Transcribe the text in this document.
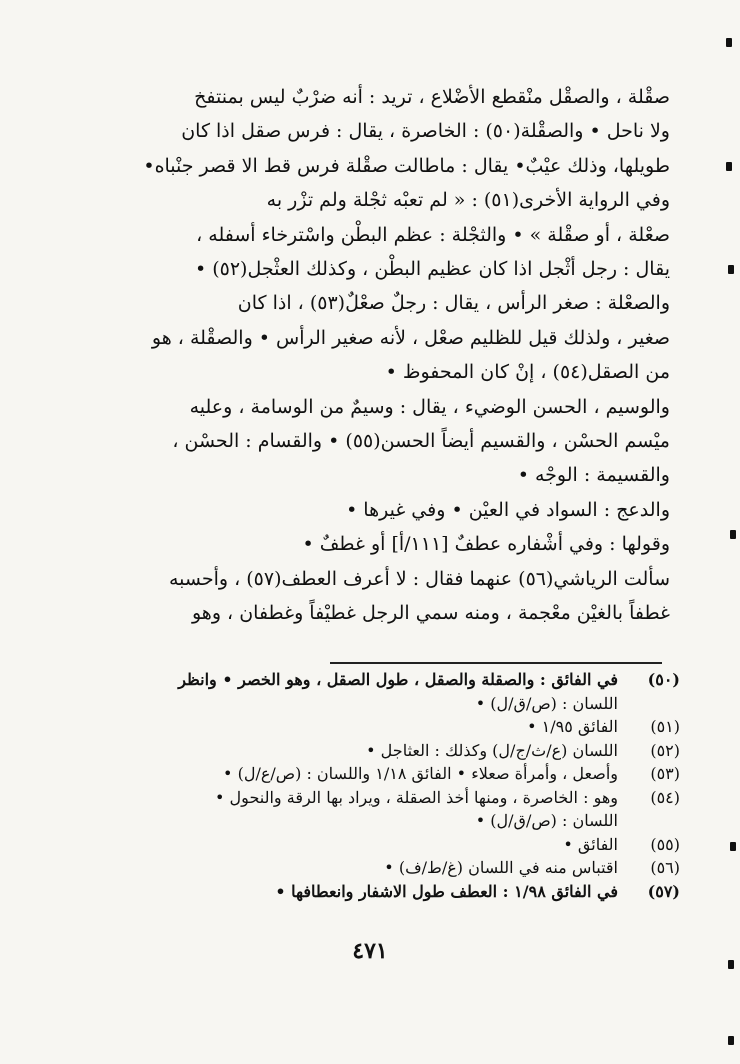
صقْلة ، والصقْل منْقطع الأضْلاع ، تريد : أنه ضرْبٌ ليس بمنتفخ

ولا ناحل • والصقْلة(٥٠) : الخاصرة ، يقال : فرس صقل اذا كان

طويلها، وذلك عيْبٌ• يقال : ماطالت صقْلة فرس قط الا قصر جنْباه•

وفي الرواية الأخرى(٥١) : « لم تعبْه ثجْلة ولم تزْر به

صعْلة ، أو صقْلة » • والثجْلة : عظم البطْن واسْترخاء أسفله ،

يقال : رجل أثْجل اذا كان عظيم البطْن ، وكذلك العثْجل(٥٢) •

والصعْلة : صغر الرأس ، يقال : رجلٌ صعْلٌ(٥٣) ، اذا كان

صغير ، ولذلك قيل للظليم صعْل ، لأنه صغير الرأس • والصقْلة ، هو

من الصقل(٥٤) ، إنْ كان المحفوظ •

والوسيم ، الحسن الوضيء ، يقال : وسيمٌ من الوسامة ، وعليه

ميْسم الحسْن ، والقسيم أيضاً الحسن(٥٥) • والقسام : الحسْن ،

والقسيمة : الوجْه •

والدعج : السواد في العيْن • وفي غيرها •

وقولها : وفي أشْفاره عطفٌ [١١١/أ] أو غطفٌ •

سألت الرياشي(٥٦) عنهما فقال : لا أعرف العطف(٥٧) ، وأحسبه

غطفاً بالغيْن معْجمة ، ومنه سمي الرجل غطيْفاً وغطفان ، وهو

(٥٠)
في الفائق : والصقلة والصقل ، طول الصقل ، وهو الخصر • وانظر
اللسان : (ص/ق/ل) •
(٥١)
الفائق ١/٩٥ •
(٥٢)
اللسان (ع/ث/ج/ل) وكذلك : العثاجل •
(٥٣)
وأصعل ، وأمرأة صعلاء • الفائق ١/١٨ واللسان : (ص/ع/ل) •
(٥٤)
وهو : الخاصرة ، ومنها أخذ الصقلة ، ويراد بها الرقة والنحول •
اللسان : (ص/ق/ل) •
(٥٥)
الفائق •
(٥٦)
اقتباس منه في اللسان (غ/ط/ف) •
(٥٧)
في الفائق ١/٩٨ : العطف طول الاشفار وانعطافها •
٤٧١
